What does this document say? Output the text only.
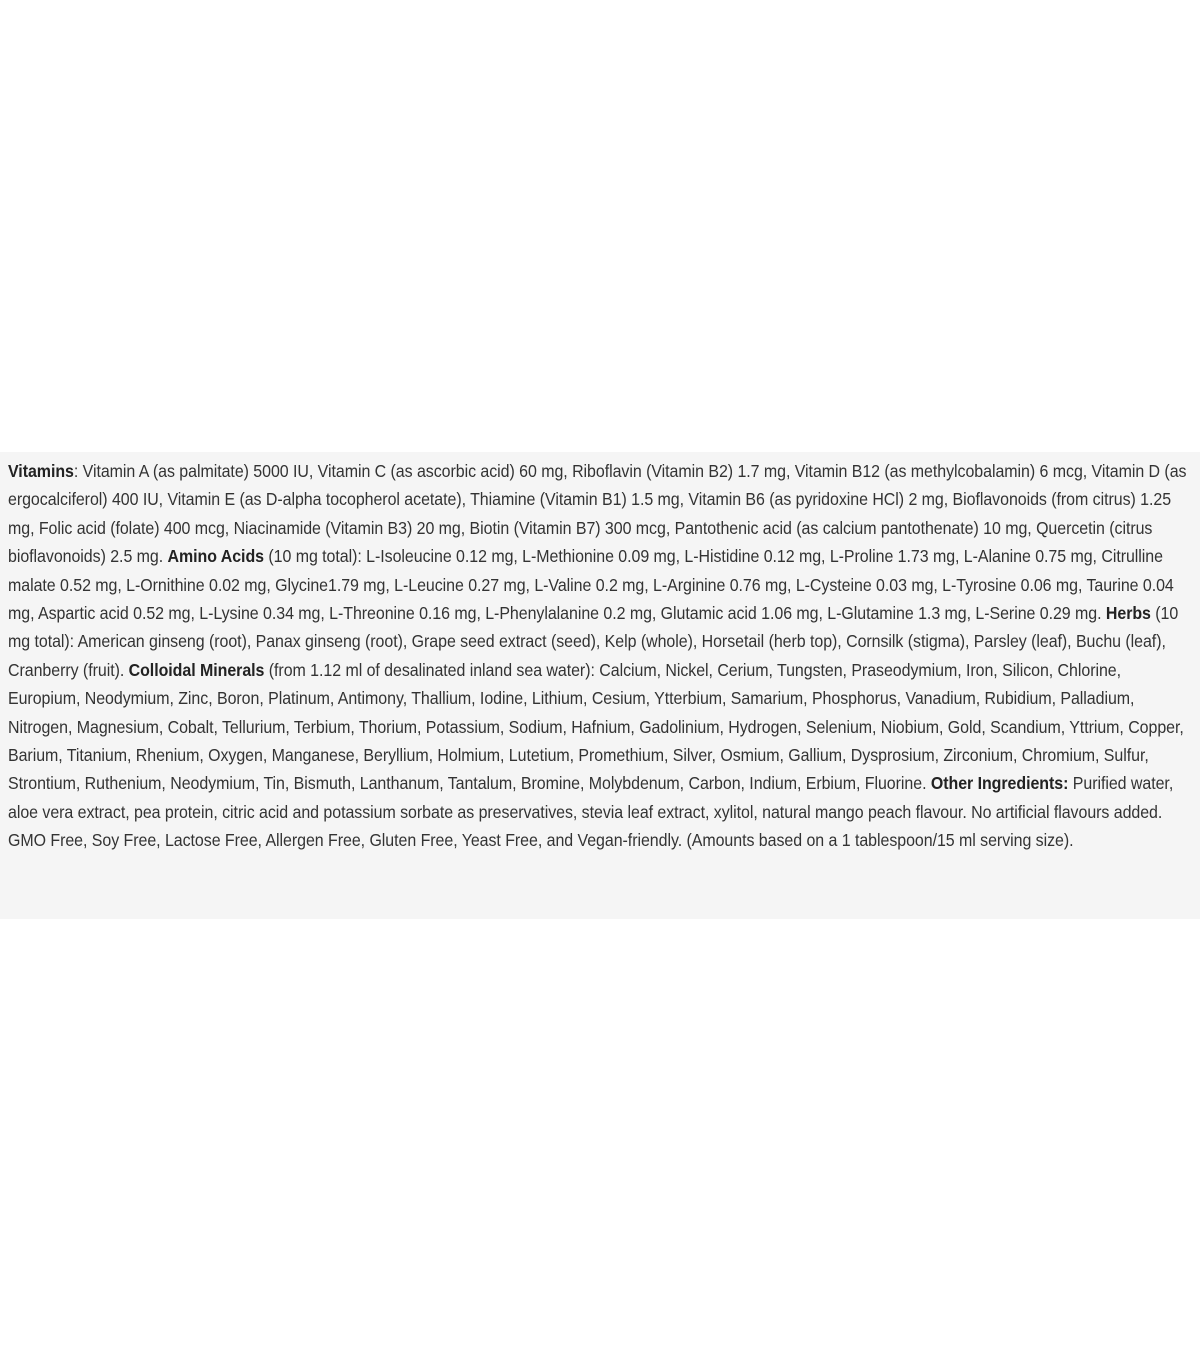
Vitamins: Vitamin A (as palmitate) 5000 IU, Vitamin C (as ascorbic acid) 60 mg, Riboflavin (Vitamin B2) 1.7 mg, Vitamin B12 (as methylcobalamin) 6 mcg, Vitamin D (as ergocalciferol) 400 IU, Vitamin E (as D-alpha tocopherol acetate), Thiamine (Vitamin B1) 1.5 mg, Vitamin B6 (as pyridoxine HCl) 2 mg, Bioflavonoids (from citrus) 1.25 mg, Folic acid (folate) 400 mcg, Niacinamide (Vitamin B3) 20 mg, Biotin (Vitamin B7) 300 mcg, Pantothenic acid (as calcium pantothenate) 10 mg, Quercetin (citrus bioflavonoids) 2.5 mg. Amino Acids (10 mg total): L-Isoleucine 0.12 mg, L-Methionine 0.09 mg, L-Histidine 0.12 mg, L-Proline 1.73 mg, L-Alanine 0.75 mg, Citrulline malate 0.52 mg, L-Ornithine 0.02 mg, Glycine1.79 mg, L-Leucine 0.27 mg, L-Valine 0.2 mg, L-Arginine 0.76 mg, L-Cysteine 0.03 mg, L-Tyrosine 0.06 mg, Taurine 0.04 mg, Aspartic acid 0.52 mg, L-Lysine 0.34 mg, L-Threonine 0.16 mg, L-Phenylalanine 0.2 mg, Glutamic acid 1.06 mg, L-Glutamine 1.3 mg, L-Serine 0.29 mg. Herbs (10 mg total): American ginseng (root), Panax ginseng (root), Grape seed extract (seed), Kelp (whole), Horsetail (herb top), Cornsilk (stigma), Parsley (leaf), Buchu (leaf), Cranberry (fruit). Colloidal Minerals (from 1.12 ml of desalinated inland sea water): Calcium, Nickel, Cerium, Tungsten, Praseodymium, Iron, Silicon, Chlorine, Europium, Neodymium, Zinc, Boron, Platinum, Antimony, Thallium, Iodine, Lithium, Cesium, Ytterbium, Samarium, Phosphorus, Vanadium, Rubidium, Palladium, Nitrogen, Magnesium, Cobalt, Tellurium, Terbium, Thorium, Potassium, Sodium, Hafnium, Gadolinium, Hydrogen, Selenium, Niobium, Gold, Scandium, Yttrium, Copper, Barium, Titanium, Rhenium, Oxygen, Manganese, Beryllium, Holmium, Lutetium, Promethium, Silver, Osmium, Gallium, Dysprosium, Zirconium, Chromium, Sulfur, Strontium, Ruthenium, Neodymium, Tin, Bismuth, Lanthanum, Tantalum, Bromine, Molybdenum, Carbon, Indium, Erbium, Fluorine. Other Ingredients: Purified water, aloe vera extract, pea protein, citric acid and potassium sorbate as preservatives, stevia leaf extract, xylitol, natural mango peach flavour. No artificial flavours added. GMO Free, Soy Free, Lactose Free, Allergen Free, Gluten Free, Yeast Free, and Vegan-friendly. (Amounts based on a 1 tablespoon/15 ml serving size).
